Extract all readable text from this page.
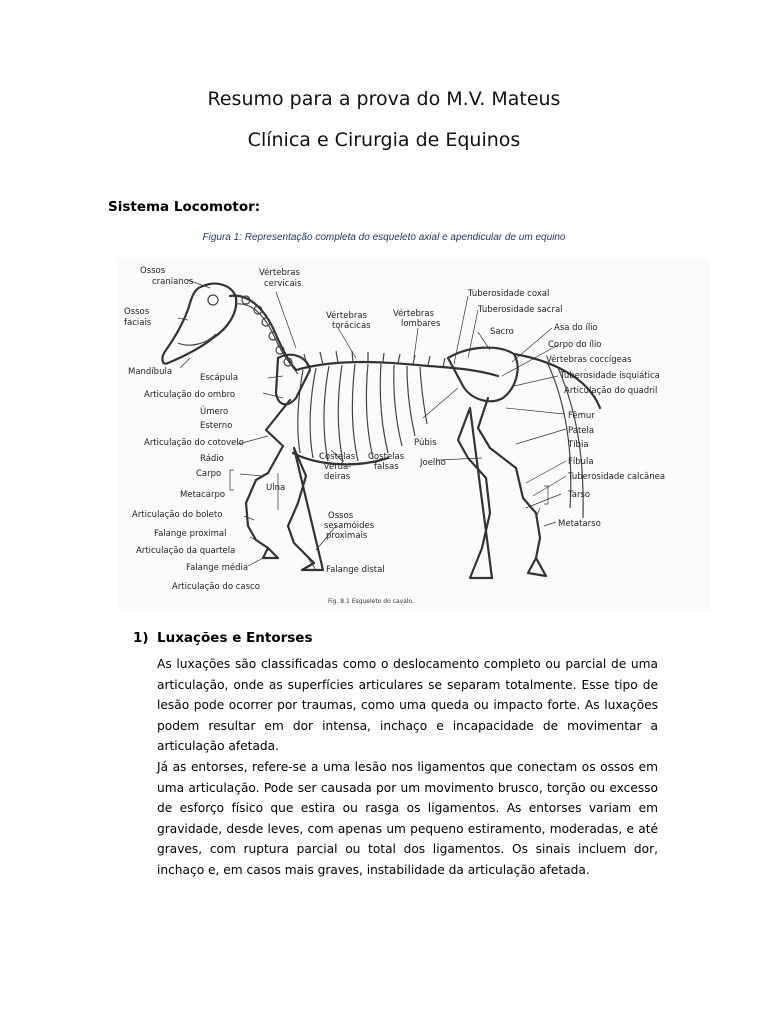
Resumo para a prova do M.V. Mateus
Clínica e Cirurgia de Equinos
Sistema Locomotor:
Figura 1: Representação completa do esqueleto axial e apendicular de um equino
Ossos
cranianos
Ossos
faciais
Vértebras
cervicais
Vértebras
torácicas
Vértebras
lombares
Mandíbula
Escápula
Articulação do ombro
Úmero
Esterno
Articulação do cotovelo
Rádio
Carpo
Metacarpo
Ulna
Articulação do boleto
Falange proximal
Articulação da quartela
Falange média
Articulação do casco
Costelas
verda-
deiras
Costelas
falsas
Ossos
sesamóides
proximais
Falange distal
Púbis
Joelho
Tuberosidade coxal
Tuberosidade sacral
Sacro	Asa do ílio
Corpo do ílio
Vértebras coccígeas
Tuberosidade isquiática
Articulação do quadril
Fêmur
Patela
Tíbia
Fíbula
Tuberosidade calcânea
Tarso
Metatarso
Fig. 8.1 Esqueleto do cavalo.
1) Luxações e Entorses

As luxações são classificadas como o deslocamento completo ou parcial de uma articulação, onde as superfícies articulares se separam totalmente. Esse tipo de lesão pode ocorrer por traumas, como uma queda ou impacto forte. As luxações podem resultar em dor intensa, inchaço e incapacidade de movimentar a articulação afetada.

Já as entorses, refere-se a uma lesão nos ligamentos que conectam os ossos em uma articulação. Pode ser causada por um movimento brusco, torção ou excesso de esforço físico que estira ou rasga os ligamentos. As entorses variam em gravidade, desde leves, com apenas um pequeno estiramento, moderadas, e até graves, com ruptura parcial ou total dos ligamentos. Os sinais incluem dor, inchaço e, em casos mais graves, instabilidade da articulação afetada.
